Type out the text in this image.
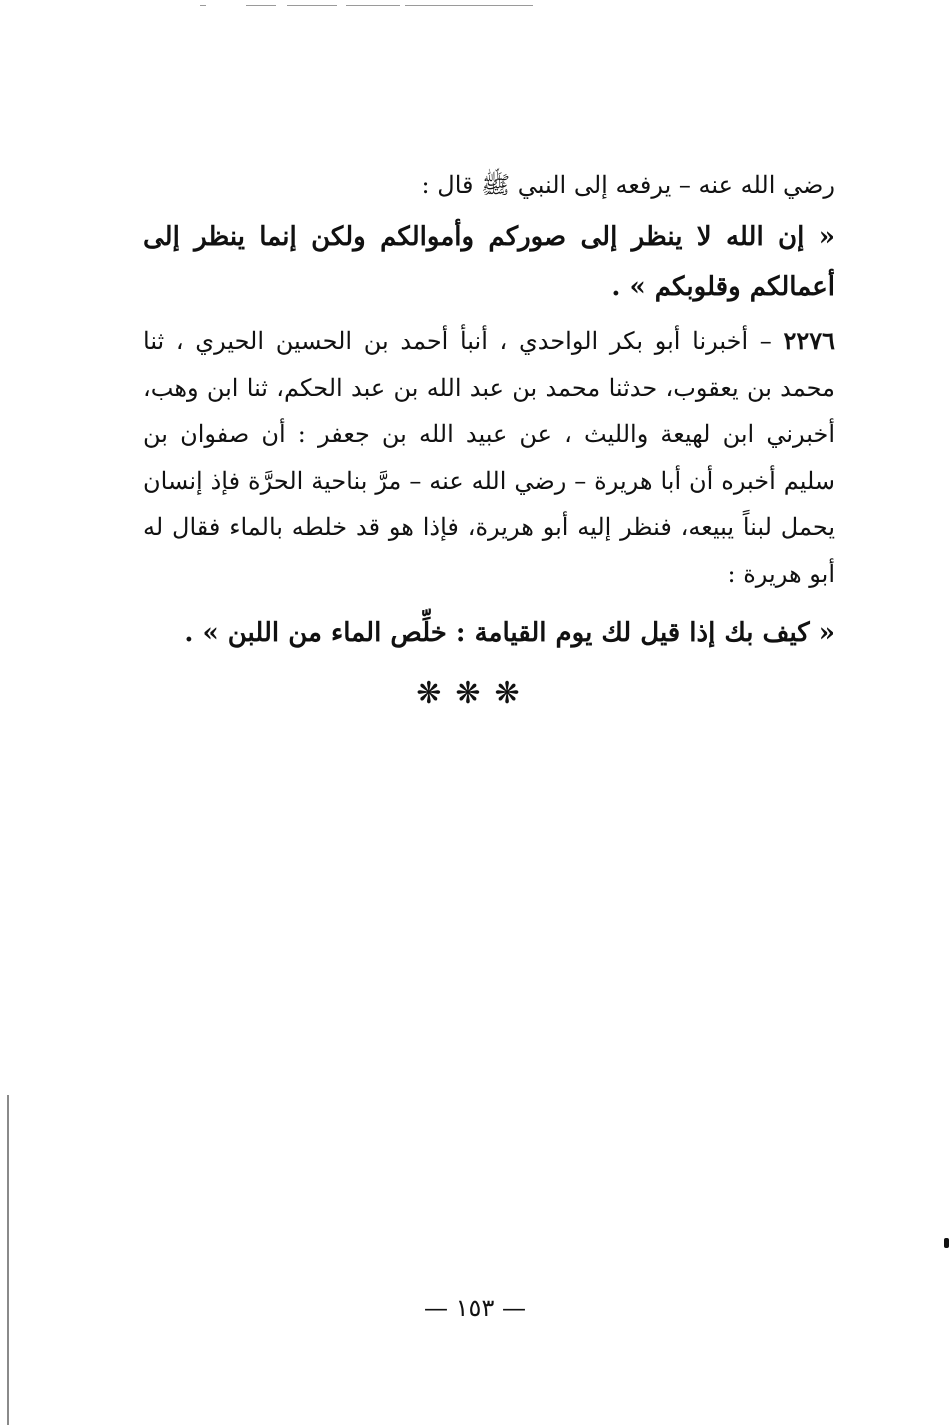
رضي الله عنه – يرفعه إلى النبي ﷺ قال :
« إن الله لا ينظر إلى صوركم وأموالكم ولكن إنما ينظر إلى أعمالكم وقلوبكم » .
٢٢٧٦ – أخبرنا أبو بكر الواحدي ، أنبأ أحمد بن الحسين الحيري ، ثنا محمد بن يعقوب، حدثنا محمد بن عبد الله بن عبد الحكم، ثنا ابن وهب، أخبرني ابن لهيعة والليث ، عن عبيد الله بن جعفر : أن صفوان بن سليم أخبره أن أبا هريرة – رضي الله عنه – مرَّ بناحية الحرَّة فإذ إنسان يحمل لبناً يبيعه، فنظر إليه أبو هريرة، فإذا هو قد خلطه بالماء فقال له أبو هريرة :
« كيف بك إذا قيل لك يوم القيامة : خلِّص الماء من اللبن » .
❋❋❋
— ١٥٣ —
